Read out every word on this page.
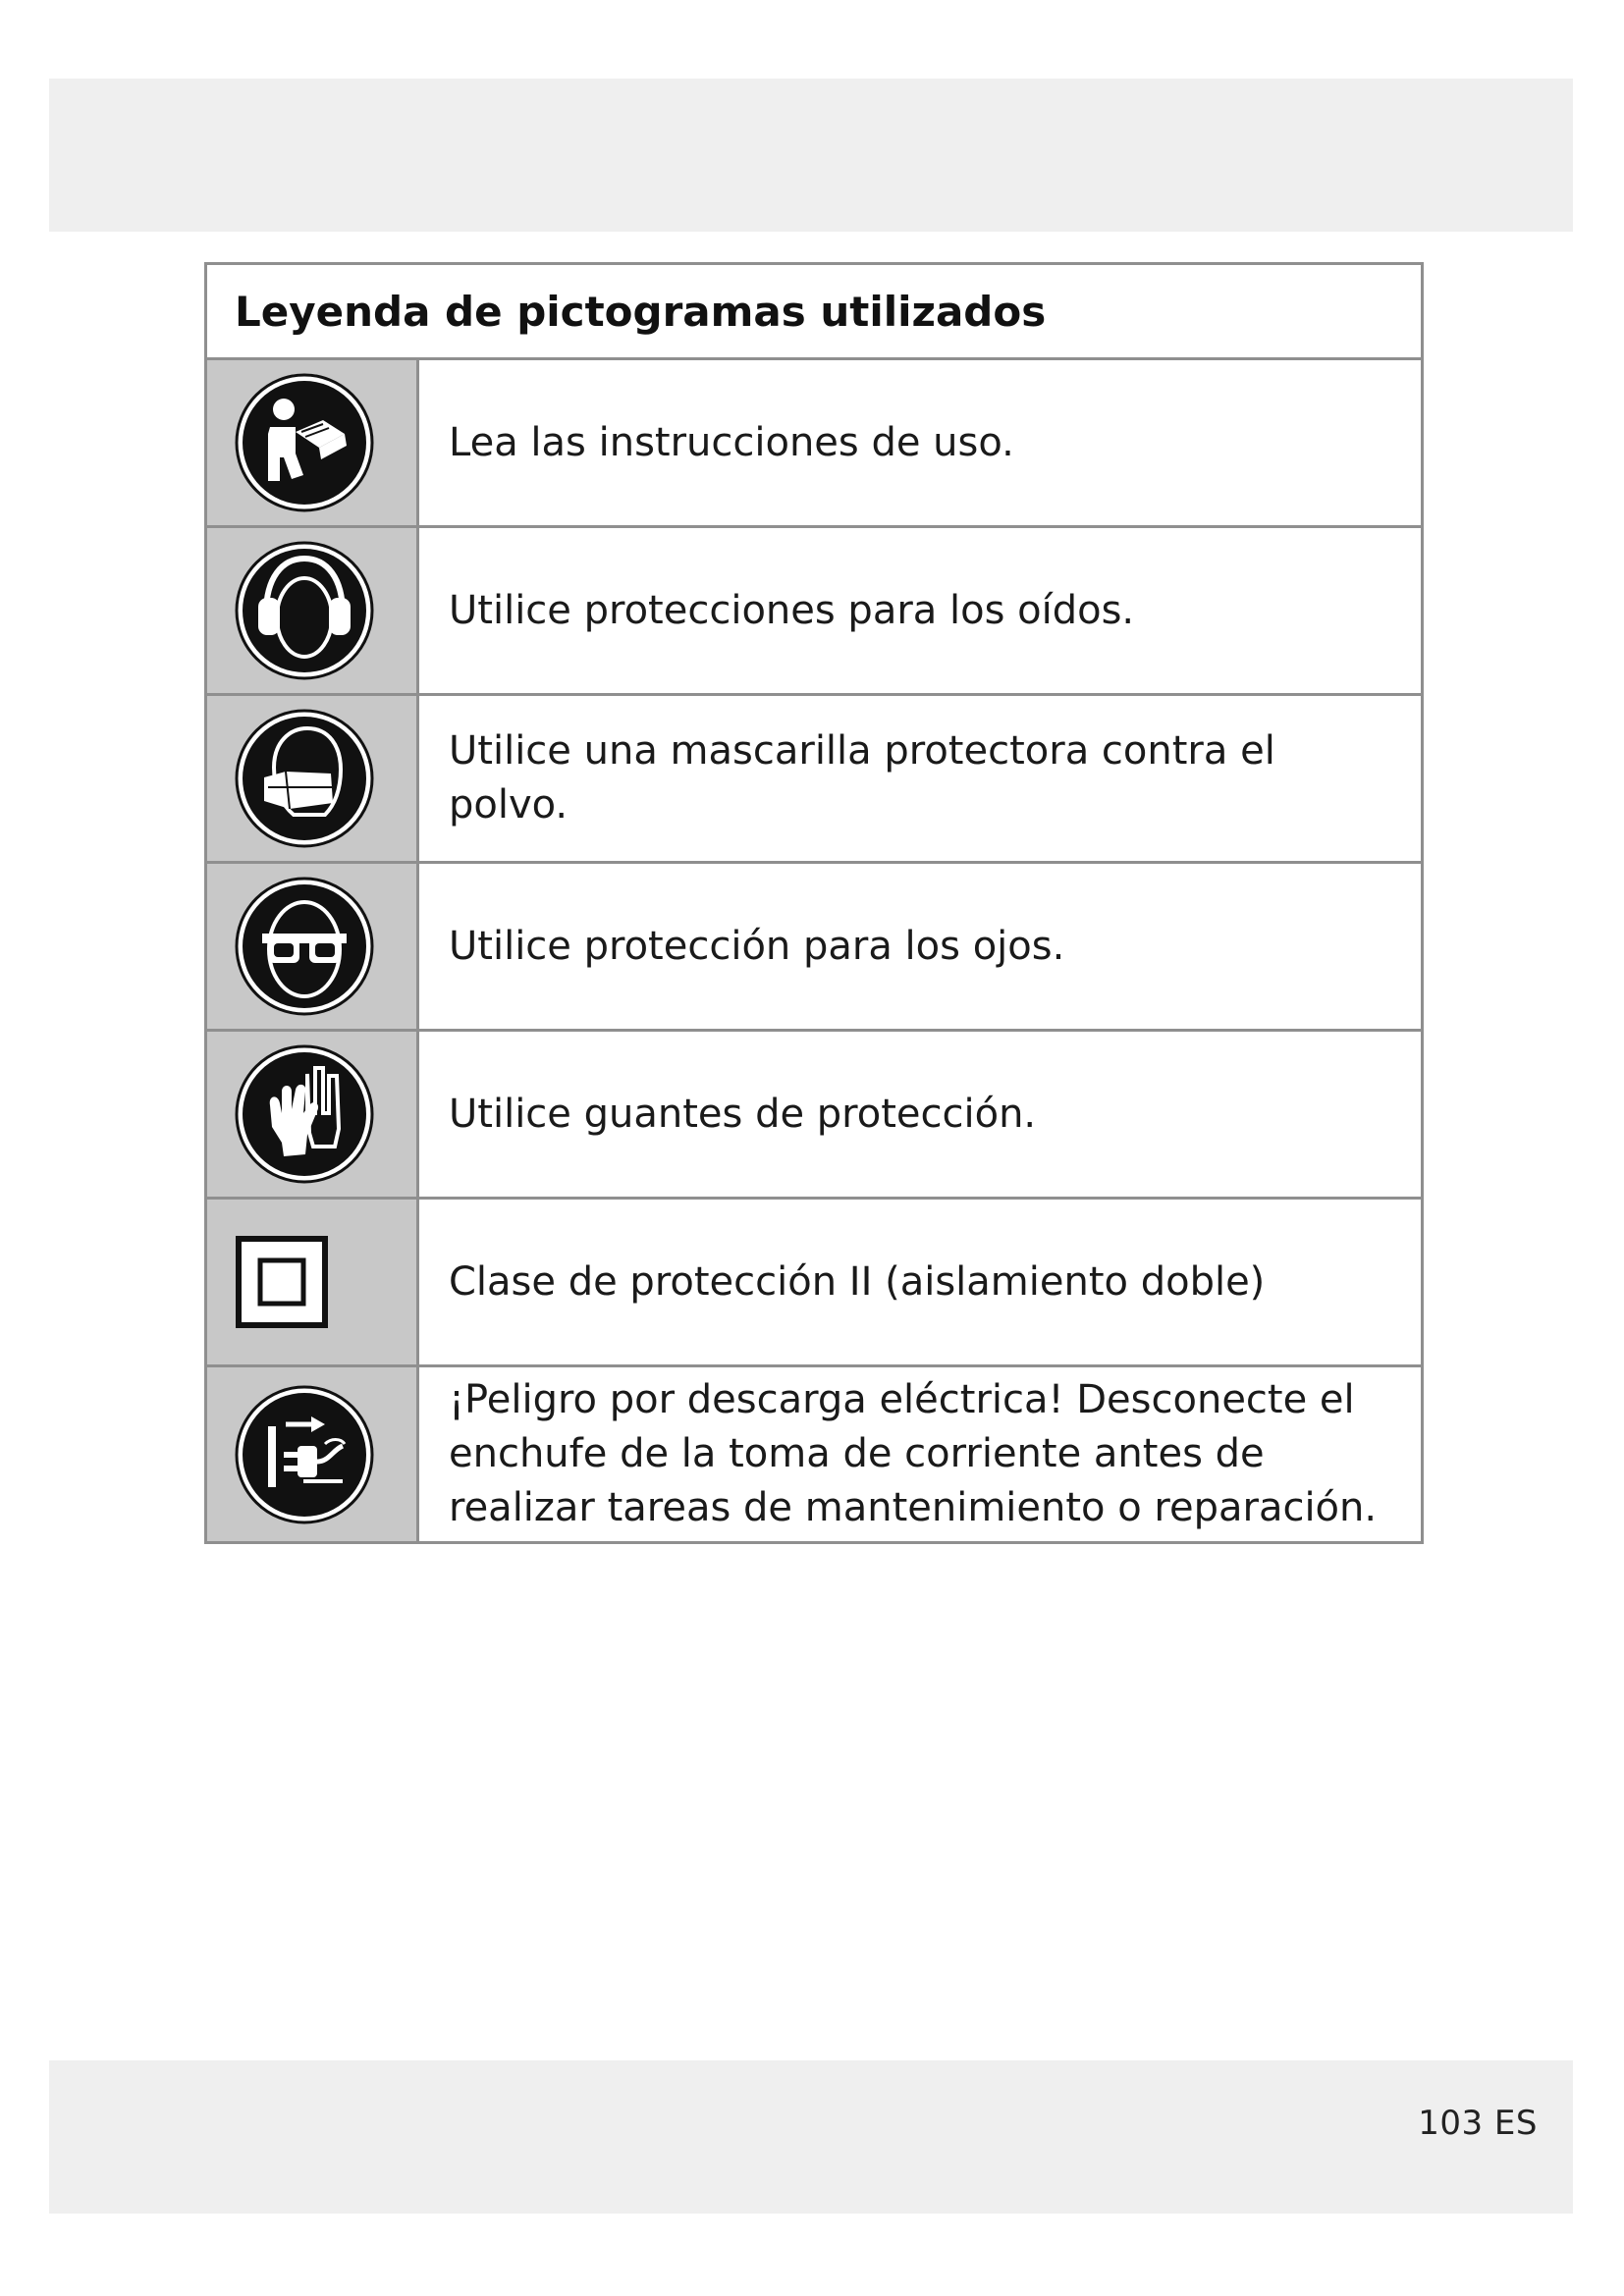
Leyenda de pictogramas utilizados
Lea las instrucciones de uso.
Utilice protecciones para los oídos.
Utilice una mascarilla protectora contra el polvo.
Utilice protección para los ojos.
Utilice guantes de protección.
Clase de protección II (aislamiento doble)
¡Peligro por descarga eléctrica! Desconecte el enchufe de la toma de corriente antes de realizar tareas de mantenimiento o reparación.
103 ES
